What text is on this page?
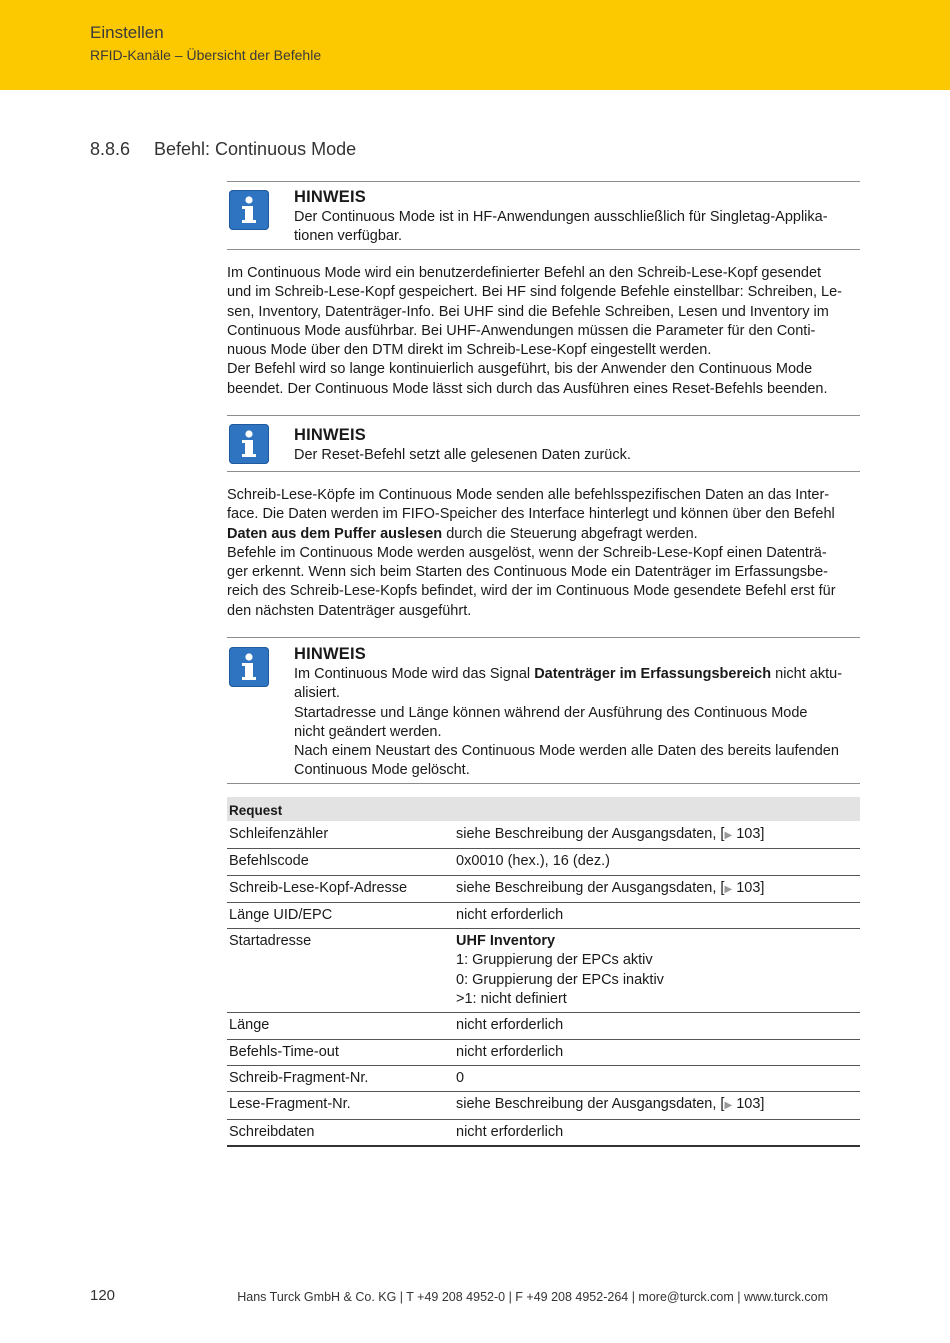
Einstellen
RFID-Kanäle – Übersicht der Befehle
8.8.6 Befehl: Continuous Mode
HINWEIS
Der Continuous Mode ist in HF-Anwendungen ausschließlich für Singletag-Applika-
tionen verfügbar.

Im Continuous Mode wird ein benutzerdefinierter Befehl an den Schreib-Lese-Kopf gesendet

und im Schreib-Lese-Kopf gespeichert. Bei HF sind folgende Befehle einstellbar: Schreiben, Le-

sen, Inventory, Datenträger-Info. Bei UHF sind die Befehle Schreiben, Lesen und Inventory im

Continuous Mode ausführbar. Bei UHF-Anwendungen müssen die Parameter für den Conti-

nuous Mode über den DTM direkt im Schreib-Lese-Kopf eingestellt werden.

Der Befehl wird so lange kontinuierlich ausgeführt, bis der Anwender den Continuous Mode

beendet. Der Continuous Mode lässt sich durch das Ausführen eines Reset-Befehls beenden.

HINWEIS
Der Reset-Befehl setzt alle gelesenen Daten zurück.

Schreib-Lese-Köpfe im Continuous Mode senden alle befehlsspezifischen Daten an das Inter-

face. Die Daten werden im FIFO-Speicher des Interface hinterlegt und können über den Befehl

Daten aus dem Puffer auslesen durch die Steuerung abgefragt werden.

Befehle im Continuous Mode werden ausgelöst, wenn der Schreib-Lese-Kopf einen Datenträ-

ger erkennt. Wenn sich beim Starten des Continuous Mode ein Datenträger im Erfassungsbe-

reich des Schreib-Lese-Kopfs befindet, wird der im Continuous Mode gesendete Befehl erst für

den nächsten Datenträger ausgeführt.

HINWEIS
Im Continuous Mode wird das Signal Datenträger im Erfassungsbereich nicht aktu-
alisiert.
Startadresse und Länge können während der Ausführung des Continuous Mode
nicht geändert werden.
Nach einem Neustart des Continuous Mode werden alle Daten des bereits laufenden
Continuous Mode gelöscht.
Request	
Schleifenzähler	siehe Beschreibung der Ausgangsdaten, [▶ 103]
Befehlscode	0x0010 (hex.), 16 (dez.)
Schreib-Lese-Kopf-Adresse	siehe Beschreibung der Ausgangsdaten, [▶ 103]
Länge UID/EPC	nicht erforderlich
Startadresse	UHF Inventory
1: Gruppierung der EPCs aktiv
0: Gruppierung der EPCs inaktiv
>1: nicht definiert

Länge	nicht erforderlich
Befehls-Time-out	nicht erforderlich
Schreib-Fragment-Nr.	0
Lese-Fragment-Nr.	siehe Beschreibung der Ausgangsdaten, [▶ 103]
Schreibdaten	nicht erforderlich
120	Hans Turck GmbH & Co. KG | T +49 208 4952-0 | F +49 208 4952-264 | more@turck.com | www.turck.com
